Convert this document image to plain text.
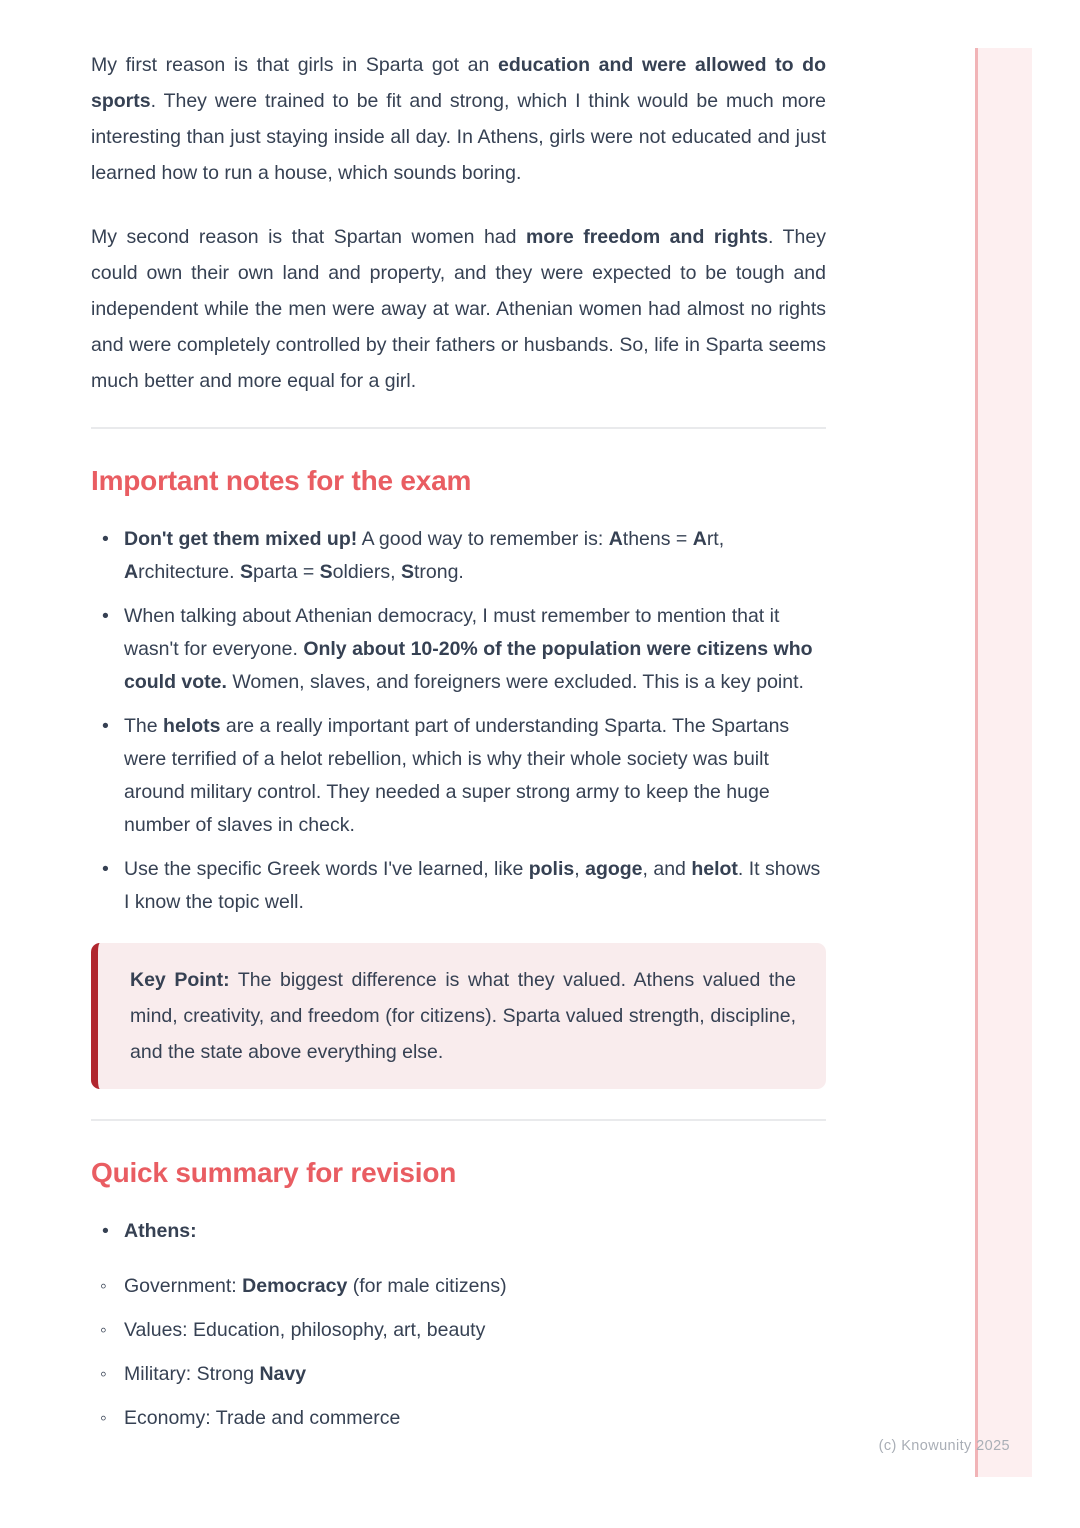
My first reason is that girls in Sparta got an education and were allowed to do sports. They were trained to be fit and strong, which I think would be much more interesting than just staying inside all day. In Athens, girls were not educated and just learned how to run a house, which sounds boring.

My second reason is that Spartan women had more freedom and rights. They could own their own land and property, and they were expected to be tough and independent while the men were away at war. Athenian women had almost no rights and were completely controlled by their fathers or husbands. So, life in Sparta seems much better and more equal for a girl.

Important notes for the exam
• Don't get them mixed up! A good way to remember is: Athens = Art, Architecture. Sparta = Soldiers, Strong.
• When talking about Athenian democracy, I must remember to mention that it wasn't for everyone. Only about 10-20% of the population were citizens who could vote. Women, slaves, and foreigners were excluded. This is a key point.
• The helots are a really important part of understanding Sparta. The Spartans were terrified of a helot rebellion, which is why their whole society was built around military control. They needed a super strong army to keep the huge number of slaves in check.
• Use the specific Greek words I've learned, like polis, agoge, and helot. It shows I know the topic well.
Key Point: The biggest difference is what they valued. Athens valued the mind, creativity, and freedom (for citizens). Sparta valued strength, discipline, and the state above everything else.
Quick summary for revision
• Athens:
◦ Government: Democracy (for male citizens)
◦ Values: Education, philosophy, art, beauty
◦ Military: Strong Navy
◦ Economy: Trade and commerce
(c) Knowunity 2025
